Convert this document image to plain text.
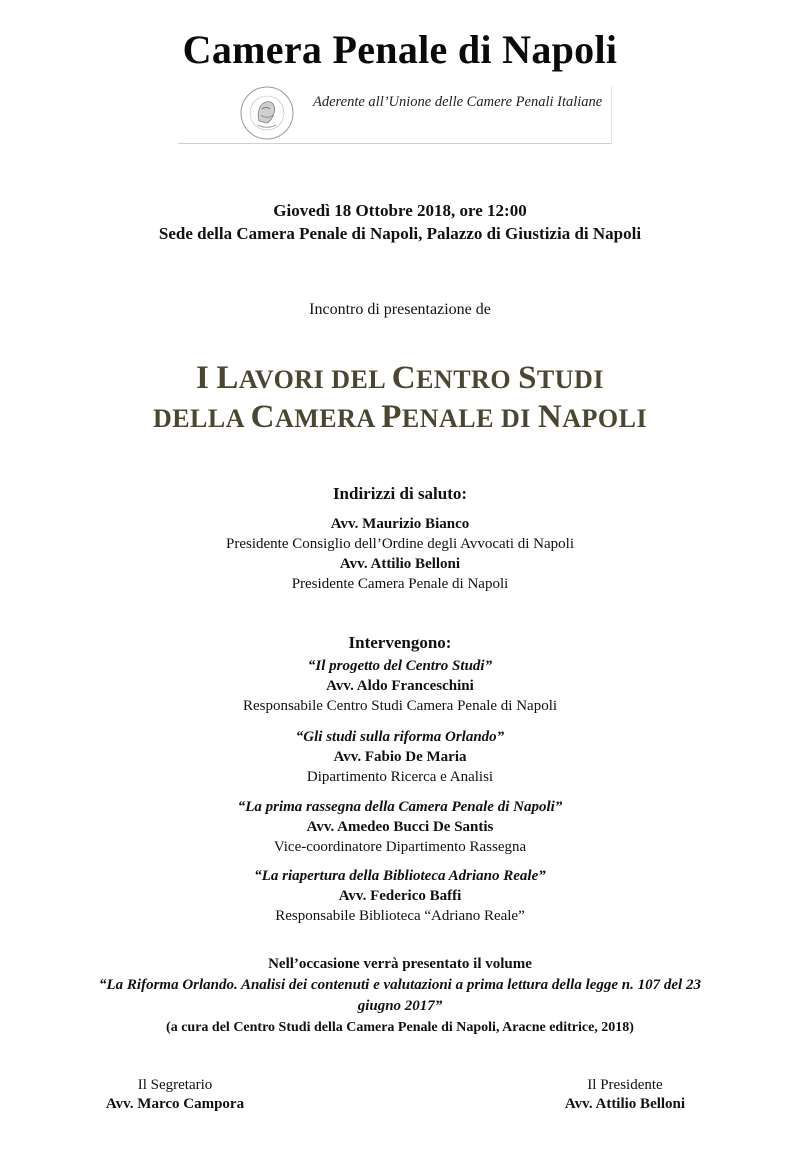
Camera Penale di Napoli
Aderente all’Unione delle Camere Penali Italiane
Giovedì 18 Ottobre 2018, ore 12:00
Sede della Camera Penale di Napoli, Palazzo di Giustizia di Napoli
Incontro di presentazione de
I LAVORI DEL CENTRO STUDI
DELLA CAMERA PENALE DI NAPOLI
Indirizzi di saluto:
Avv. Maurizio Bianco
Presidente Consiglio dell’Ordine degli Avvocati di Napoli
Avv. Attilio Belloni
Presidente Camera Penale di Napoli
Intervengono:
“Il progetto del Centro Studi”
Avv. Aldo Franceschini
Responsabile Centro Studi Camera Penale di Napoli
“Gli studi sulla riforma Orlando”
Avv. Fabio De Maria
Dipartimento Ricerca e Analisi
“La prima rassegna della Camera Penale di Napoli”
Avv. Amedeo Bucci De Santis
Vice-coordinatore Dipartimento Rassegna
“La riapertura della Biblioteca Adriano Reale”
Avv. Federico Baffi
Responsabile Biblioteca “Adriano Reale”
Nell’occasione verrà presentato il volume
“La Riforma Orlando. Analisi dei contenuti e valutazioni a prima lettura della legge n. 107 del 23
giugno 2017”
(a cura del Centro Studi della Camera Penale di Napoli, Aracne editrice, 2018)
Il Segretario
Avv. Marco Campora
Il Presidente
Avv. Attilio Belloni
